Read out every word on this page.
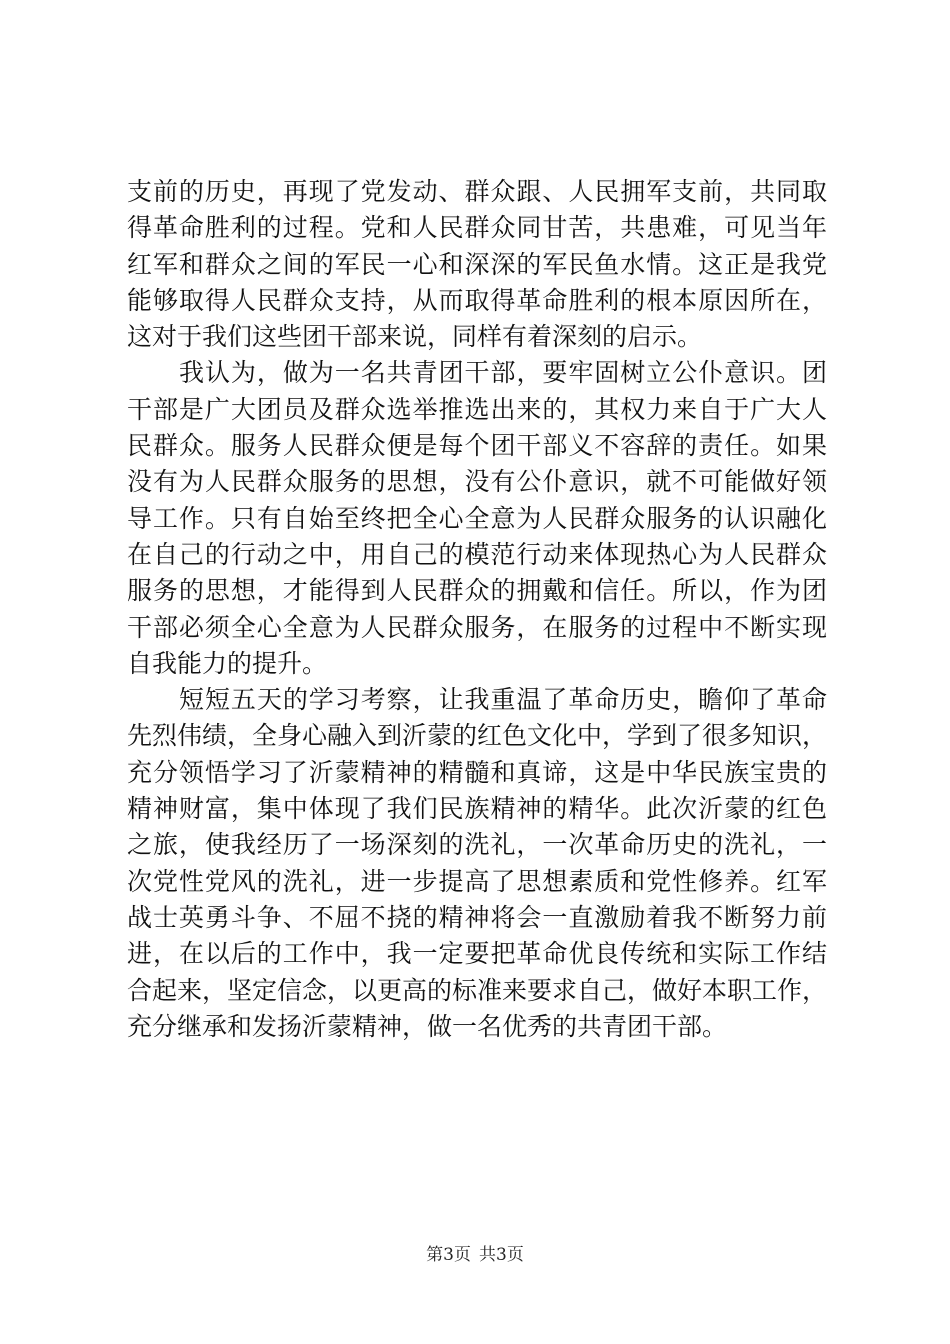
支前的历史，再现了党发动、群众跟、人民拥军支前，共同取
得革命胜利的过程。党和人民群众同甘苦，共患难，可见当年
红军和群众之间的军民一心和深深的军民鱼水情。这正是我党
能够取得人民群众支持，从而取得革命胜利的根本原因所在，
这对于我们这些团干部来说，同样有着深刻的启示。
我认为，做为一名共青团干部，要牢固树立公仆意识。团
干部是广大团员及群众选举推选出来的，其权力来自于广大人
民群众。服务人民群众便是每个团干部义不容辞的责任。如果
没有为人民群众服务的思想，没有公仆意识，就不可能做好领
导工作。只有自始至终把全心全意为人民群众服务的认识融化
在自己的行动之中，用自己的模范行动来体现热心为人民群众
服务的思想，才能得到人民群众的拥戴和信任。所以，作为团
干部必须全心全意为人民群众服务，在服务的过程中不断实现
自我能力的提升。
短短五天的学习考察，让我重温了革命历史，瞻仰了革命
先烈伟绩，全身心融入到沂蒙的红色文化中，学到了很多知识，
充分领悟学习了沂蒙精神的精髓和真谛，这是中华民族宝贵的
精神财富，集中体现了我们民族精神的精华。此次沂蒙的红色
之旅，使我经历了一场深刻的洗礼，一次革命历史的洗礼，一
次党性党风的洗礼，进一步提高了思想素质和党性修养。红军
战士英勇斗争、不屈不挠的精神将会一直激励着我不断努力前
进，在以后的工作中，我一定要把革命优良传统和实际工作结
合起来，坚定信念，以更高的标准来要求自己，做好本职工作，
充分继承和发扬沂蒙精神，做一名优秀的共青团干部。
第3页 共3页
